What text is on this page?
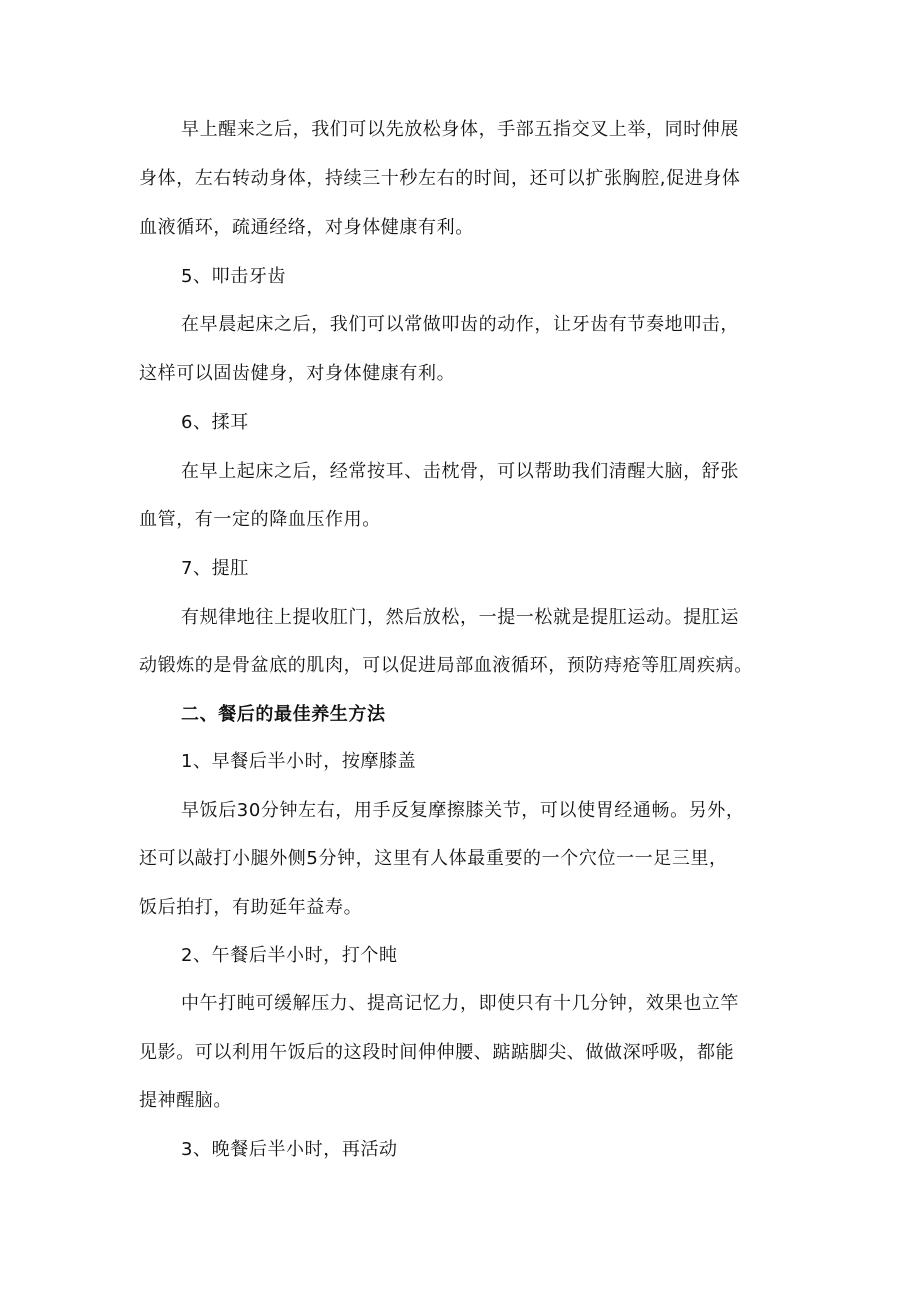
早上醒来之后，我们可以先放松身体，手部五指交叉上举，同时伸展
身体，左右转动身体，持续三十秒左右的时间，还可以扩张胸腔,促进身体
血液循环，疏通经络，对身体健康有利。
5、叩击牙齿
在早晨起床之后，我们可以常做叩齿的动作，让牙齿有节奏地叩击，
这样可以固齿健身，对身体健康有利。
6、揉耳
在早上起床之后，经常按耳、击枕骨，可以帮助我们清醒大脑，舒张
血管，有一定的降血压作用。
7、提肛
有规律地往上提收肛门，然后放松，一提一松就是提肛运动。提肛运
动锻炼的是骨盆底的肌肉，可以促进局部血液循环，预防痔疮等肛周疾病。
二、餐后的最佳养生方法
1、早餐后半小时，按摩膝盖
早饭后30分钟左右，用手反复摩擦膝关节，可以使胃经通畅。另外，
还可以敲打小腿外侧5分钟，这里有人体最重要的一个穴位一一足三里，
饭后拍打，有助延年益寿。
2、午餐后半小时，打个盹
中午打盹可缓解压力、提高记忆力，即使只有十几分钟，效果也立竿
见影。可以利用午饭后的这段时间伸伸腰、踮踮脚尖、做做深呼吸，都能
提神醒脑。
3、晚餐后半小时，再活动
